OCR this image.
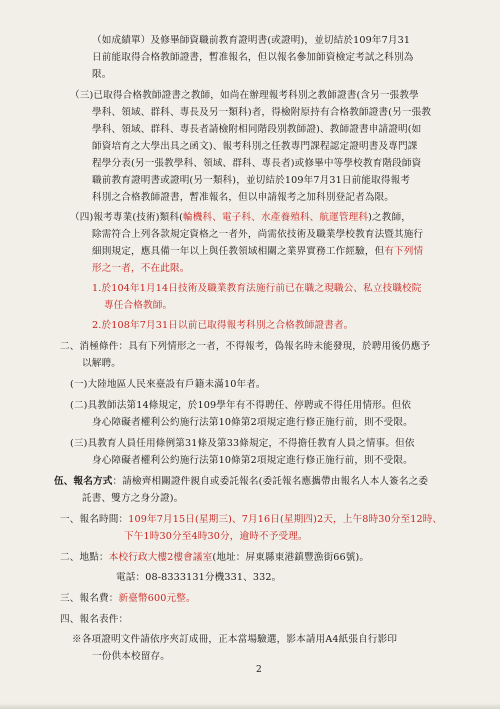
（如成績單）及修畢師資職前教育證明書(或證明)，並切結於109年7月31
日前能取得合格教師證書，暫准報名，但以報名參加師資檢定考試之科別為
限。
（三)已取得合格教師證書之教師，如尚在辦理報考科別之教師證書(含另一張教學
學科、領域、群科、專長及另一類科)者，得檢附原持有合格教師證書(另一張教
學科、領域、群科、專長者請檢附相同階段別教師證)、教師證書申請證明(如
師資培育之大學出具之函文)、報考科別之任教專門課程認定證明書及專門課
程學分表(另一張教學科、領域、群科、專長者)或修畢中等學校教育階段師資
職前教育證明書或證明(另一類科)，並切結於109年7月31日前能取得報考
科別之合格教師證書，暫准報名，但以申請報考之加科別登記者為限。
（四)報考專業(技術)類科(輪機科、電子科、水產養殖科、航運管理科)之教師，
除需符合上列各款規定資格之一者外，尚需依技術及職業學校教育法暨其施行
細則規定，應具備一年以上與任教領域相關之業界實務工作經驗，但有下列情
形之一者，不在此限。
1.於104年1月14日技術及職業教育法施行前已在職之現職公、私立技職校院
專任合格教師。
2.於108年7月31日以前已取得報考科別之合格教師證書者。
二、消極條件：具有下列情形之一者，不得報考，偽報名時未能發現，於聘用後仍應予
以解聘。
(一)大陸地區人民來臺設有戶籍未滿10年者。
(二)具教師法第14條規定，於109學年有不得聘任、停聘或不得任用情形。但依
身心障礙者權利公約施行法第10條第2項規定進行修正施行前，則不受限。
(三)具教育人員任用條例第31條及第33條規定，不得擔任教育人員之情事。但依
身心障礙者權利公約施行法第10條第2項規定進行修正施行前，則不受限。
伍、報名方式：請檢齊相關證件親自或委託報名(委託報名應攜帶由報名人本人簽名之委
託書、雙方之身分證)。
一、報名時間：109年7月15日(星期三)、7月16日(星期四)2天，上午8時30分至12時、
下午1時30分至4時30分，逾時不予受理。
二、地點：本校行政大樓2樓會議室(地址：屏東縣東港鎮豐漁街66號)。
電話：08-8333131分機331、332。
三、報名費：新臺幣600元整。
四、報名表件：
※各項證明文件請依序夾訂成冊，正本當場驗選，影本請用A4紙張自行影印
一份供本校留存。
2
